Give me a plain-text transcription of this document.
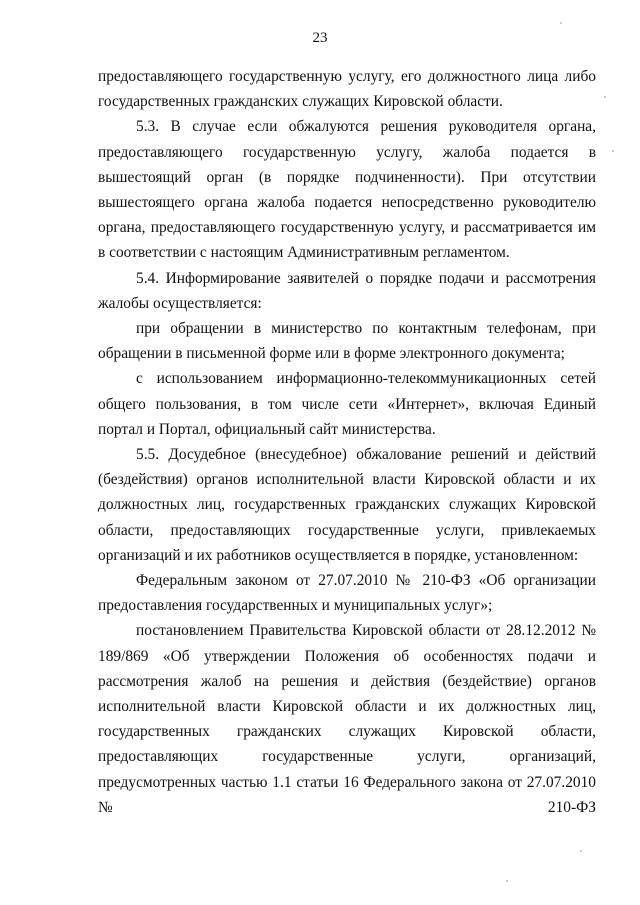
23

предоставляющего государственную услугу, его должностного лица либо государственных гражданских служащих Кировской области.

5.3. В случае если обжалуются решения руководителя органа, предоставляющего государственную услугу, жалоба подается в вышестоящий орган (в порядке подчиненности). При отсутствии вышестоящего органа жалоба подается непосредственно руководителю органа, предоставляющего государственную услугу, и рассматривается им в соответствии с настоящим Административным регламентом.

5.4. Информирование заявителей о порядке подачи и рассмотрения жалобы осуществляется:

при обращении в министерство по контактным телефонам, при обращении в письменной форме или в форме электронного документа;

с использованием информационно-телекоммуникационных сетей общего пользования, в том числе сети «Интернет», включая Единый портал и Портал, официальный сайт министерства.

5.5. Досудебное (внесудебное) обжалование решений и действий (бездействия) органов исполнительной власти Кировской области и их должностных лиц, государственных гражданских служащих Кировской области, предоставляющих государственные услуги, привлекаемых организаций и их работников осуществляется в порядке, установленном:

Федеральным законом от 27.07.2010 № 210-ФЗ «Об организации предоставления государственных и муниципальных услуг»;

постановлением Правительства Кировской области от 28.12.2012 № 189/869 «Об утверждении Положения об особенностях подачи и рассмотрения жалоб на решения и действия (бездействие) органов исполнительной власти Кировской области и их должностных лиц, государственных гражданских служащих Кировской области, предоставляющих государственные услуги, организаций, предусмотренных частью 1.1 статьи 16 Федерального закона от 27.07.2010 № 210-ФЗ
